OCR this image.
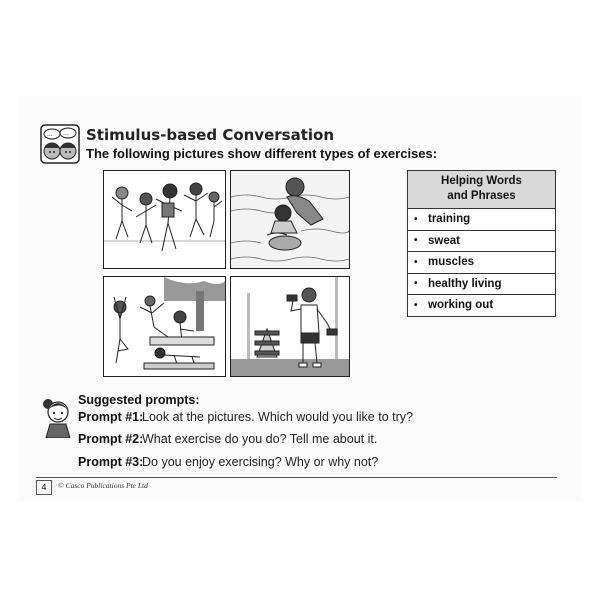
... ... Stimulus-based Conversation
The following pictures show different types of exercises:
Helping Words
and Phrases
• training
• sweat
• muscles
• healthy living
• working out
Suggested prompts:
Prompt #1:Look at the pictures. Which would you like to try?
Prompt #2:What exercise do you do? Tell me about it.
Prompt #3:Do you enjoy exercising? Why or why not?
4	© Casco Publications Pte Ltd
